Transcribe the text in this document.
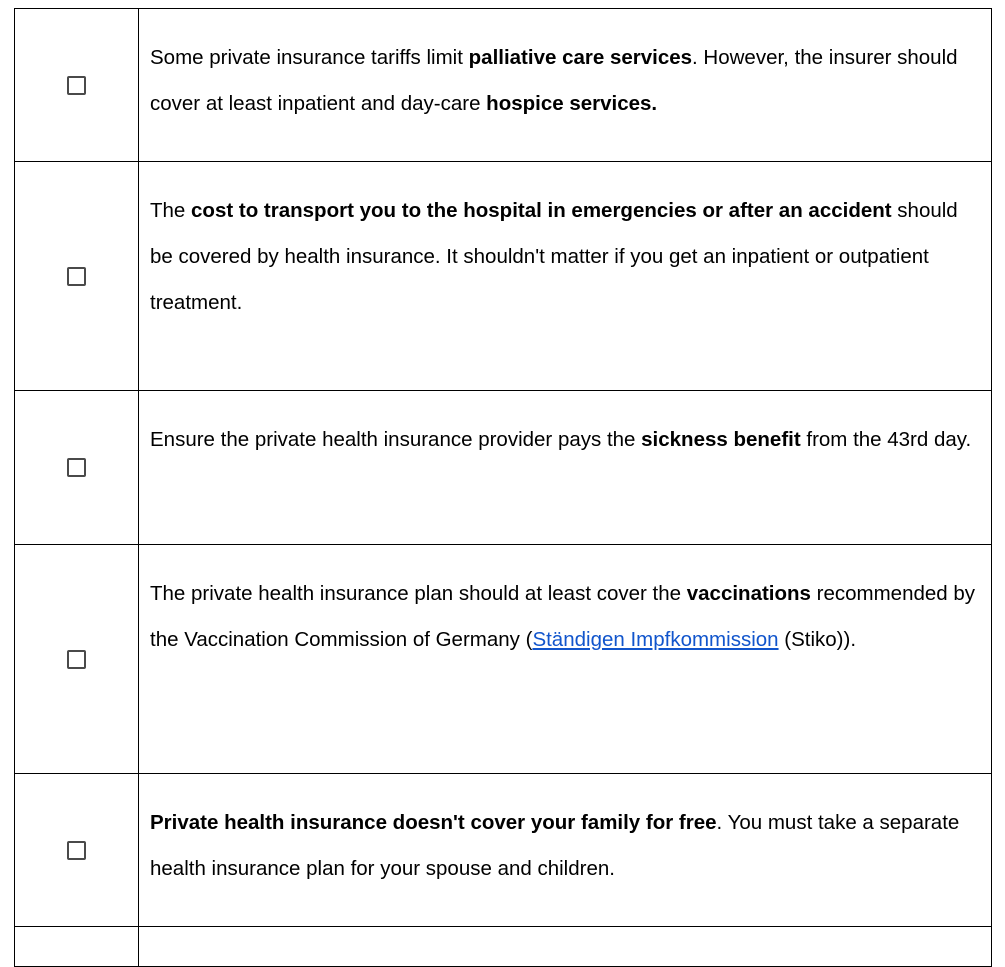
	Some private insurance tariffs limit palliative care services. However, the insurer should cover at least inpatient and day-care hospice services.
	The cost to transport you to the hospital in emergencies or after an accident should be covered by health insurance. It shouldn't matter if you get an inpatient or outpatient treatment.
	Ensure the private health insurance provider pays the sickness benefit from the 43rd day.
	The private health insurance plan should at least cover the vaccinations recommended by the Vaccination Commission of Germany (Ständigen Impfkommission (Stiko)).
	Private health insurance doesn't cover your family for free. You must take a separate health insurance plan for your spouse and children.
